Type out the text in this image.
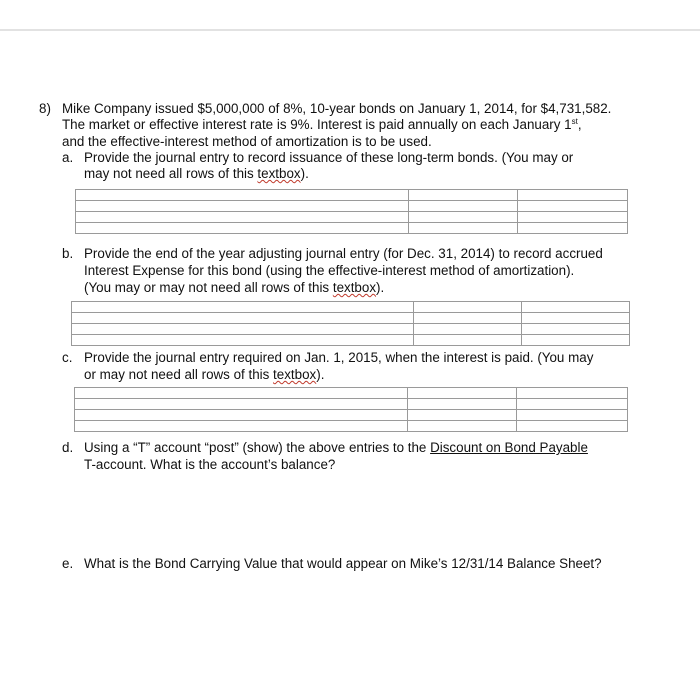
8) Mike Company issued $5,000,000 of 8%, 10-year bonds on January 1, 2014, for $4,731,582.
The market or effective interest rate is 9%. Interest is paid annually on each January 1st,
and the effective-interest method of amortization is to be used.
a. Provide the journal entry to record issuance of these long-term bonds. (You may or
may not need all rows of this textbox).

b. Provide the end of the year adjusting journal entry (for Dec. 31, 2014) to record accrued
Interest Expense for this bond (using the effective-interest method of amortization).
(You may or may not need all rows of this textbox).

c. Provide the journal entry required on Jan. 1, 2015, when the interest is paid. (You may
or may not need all rows of this textbox).

d. Using a “T” account “post” (show) the above entries to the Discount on Bond Payable
T-account. What is the account’s balance?
e. What is the Bond Carrying Value that would appear on Mike’s 12/31/14 Balance Sheet?
